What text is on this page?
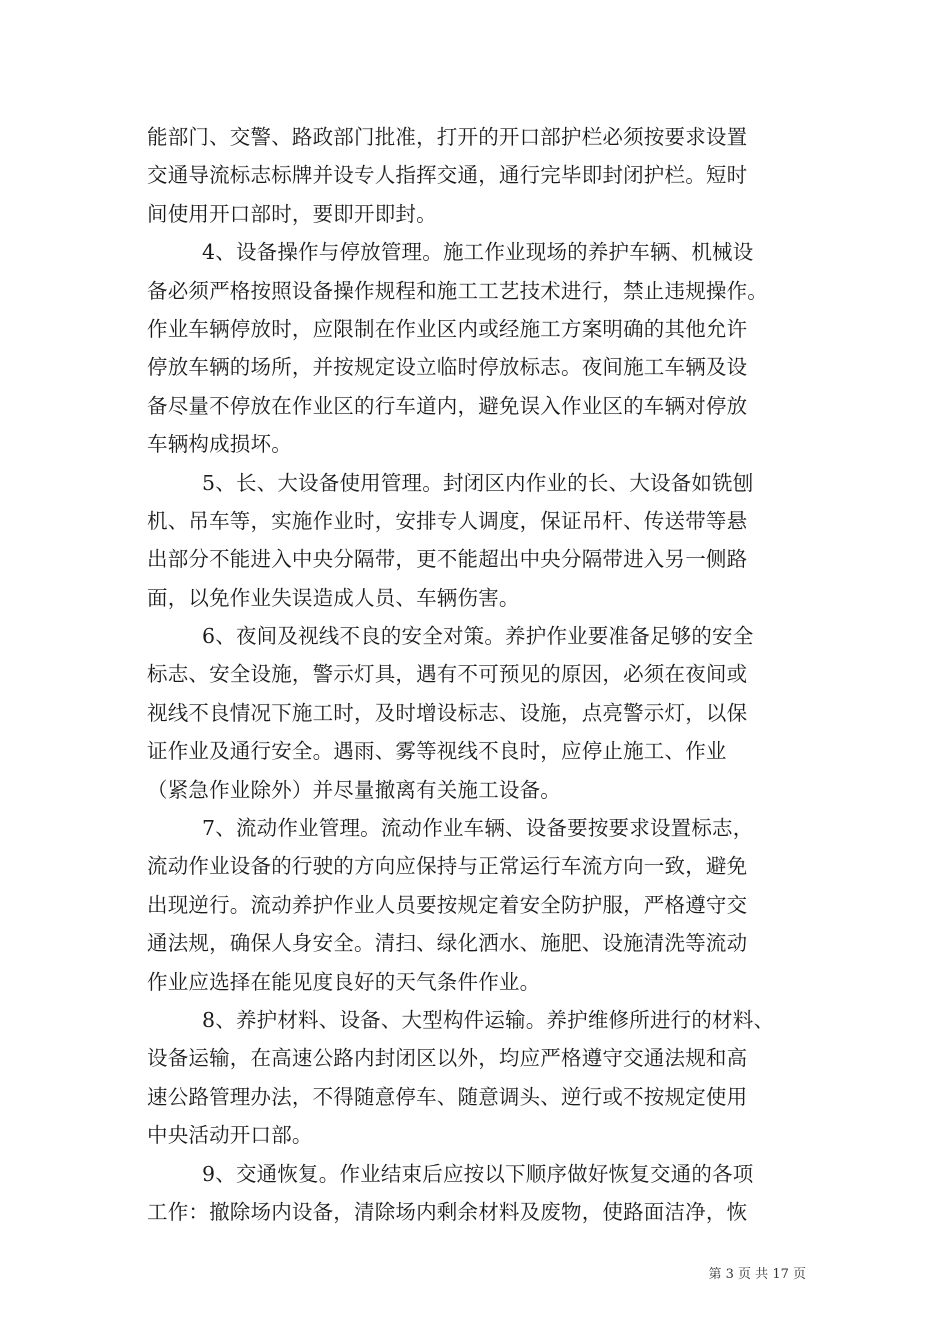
能部门、交警、路政部门批准，打开的开口部护栏必须按要求设置
交通导流标志标牌并设专人指挥交通，通行完毕即封闭护栏。短时
间使用开口部时，要即开即封。
4、设备操作与停放管理。施工作业现场的养护车辆、机械设
备必须严格按照设备操作规程和施工工艺技术进行，禁止违规操作。
作业车辆停放时，应限制在作业区内或经施工方案明确的其他允许
停放车辆的场所，并按规定设立临时停放标志。夜间施工车辆及设
备尽量不停放在作业区的行车道内，避免误入作业区的车辆对停放
车辆构成损坏。
5、长、大设备使用管理。封闭区内作业的长、大设备如铣刨
机、吊车等，实施作业时，安排专人调度，保证吊杆、传送带等悬
出部分不能进入中央分隔带，更不能超出中央分隔带进入另一侧路
面，以免作业失误造成人员、车辆伤害。
6、夜间及视线不良的安全对策。养护作业要准备足够的安全
标志、安全设施，警示灯具，遇有不可预见的原因，必须在夜间或
视线不良情况下施工时，及时增设标志、设施，点亮警示灯，以保
证作业及通行安全。遇雨、雾等视线不良时，应停止施工、作业
（紧急作业除外）并尽量撤离有关施工设备。
7、流动作业管理。流动作业车辆、设备要按要求设置标志，
流动作业设备的行驶的方向应保持与正常运行车流方向一致，避免
出现逆行。流动养护作业人员要按规定着安全防护服，严格遵守交
通法规，确保人身安全。清扫、绿化洒水、施肥、设施清洗等流动
作业应选择在能见度良好的天气条件作业。
8、养护材料、设备、大型构件运输。养护维修所进行的材料、
设备运输，在高速公路内封闭区以外，均应严格遵守交通法规和高
速公路管理办法，不得随意停车、随意调头、逆行或不按规定使用
中央活动开口部。
9、交通恢复。作业结束后应按以下顺序做好恢复交通的各项
工作：撤除场内设备，清除场内剩余材料及废物，使路面洁净，恢
第 3 页 共 17 页
